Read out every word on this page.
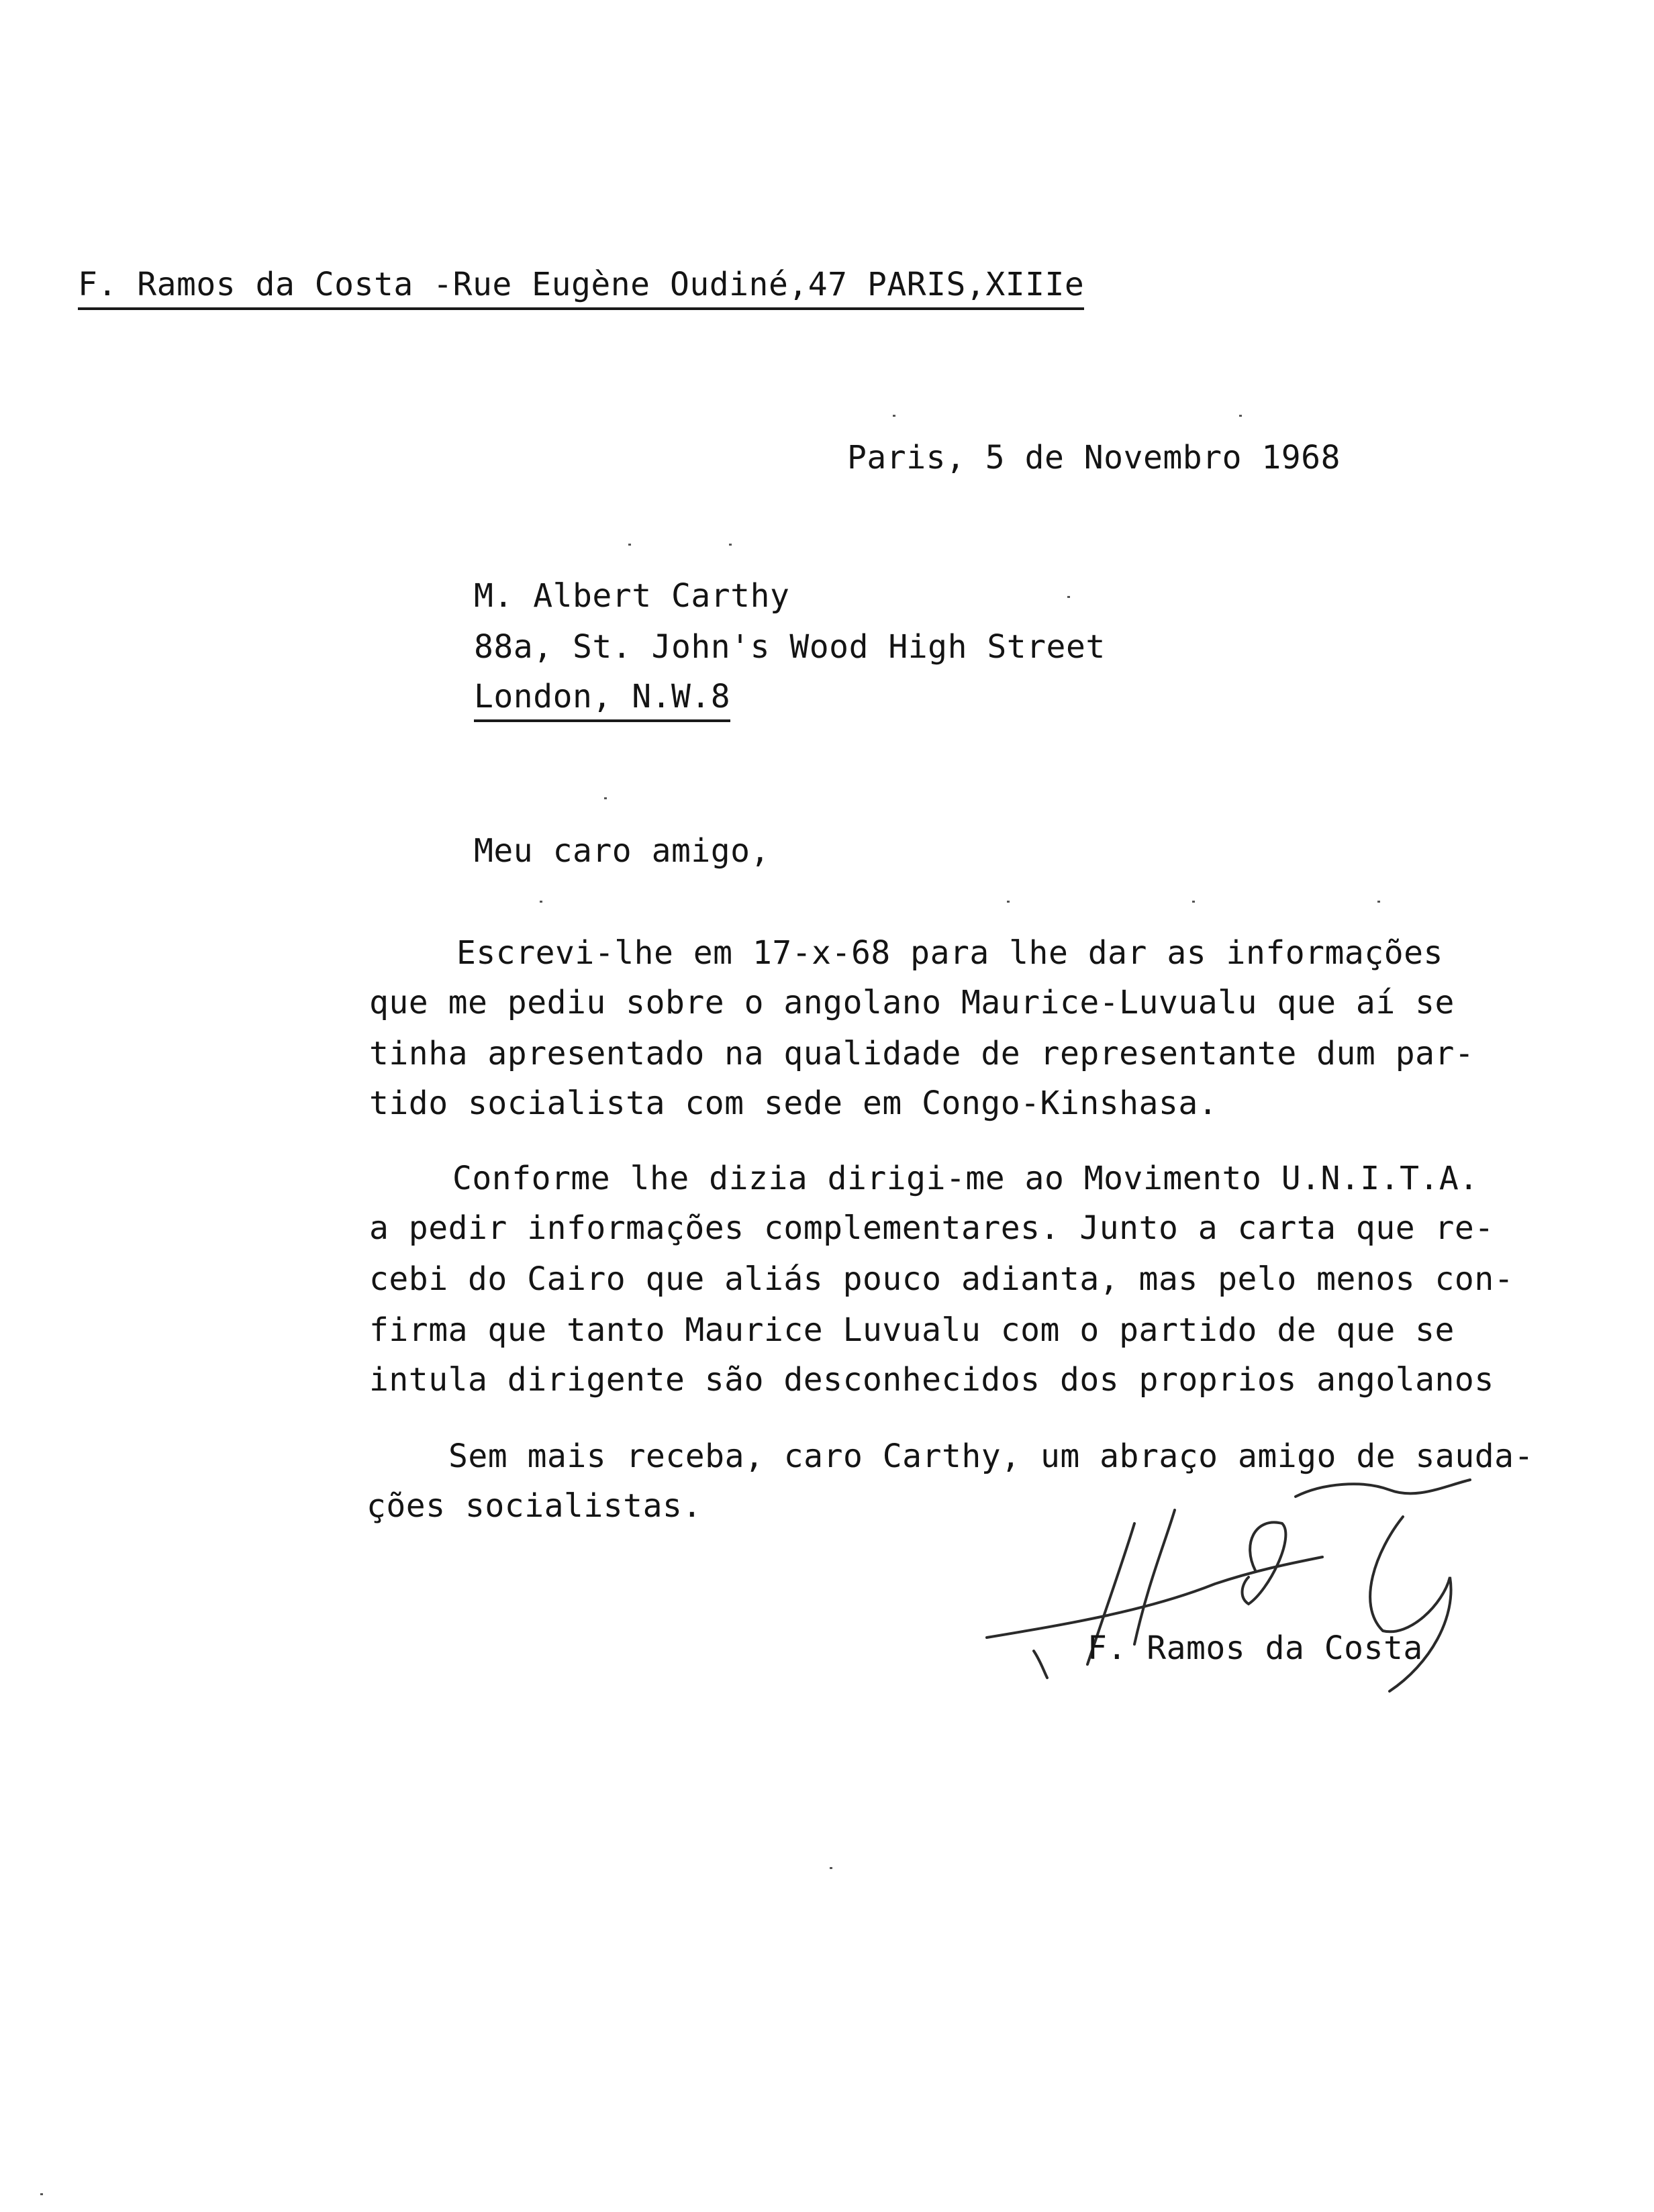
F. Ramos da Costa -Rue Eugène Oudiné,47 PARIS,XIIIe
Paris, 5 de Novembro 1968
M. Albert Carthy
88a, St. John's Wood High Street
London, N.W.8
Meu caro amigo,
Escrevi-lhe em 17-x-68 para lhe dar as informações
que me pediu sobre o angolano Maurice-Luvualu que aí se
tinha apresentado na qualidade de representante dum par-
tido socialista com sede em Congo-Kinshasa.
Conforme lhe dizia dirigi-me ao Movimento U.N.I.T.A.
a pedir informações complementares. Junto a carta que re-
cebi do Cairo que aliás pouco adianta, mas pelo menos con-
firma que tanto Maurice Luvualu com o partido de que se
intula dirigente são desconhecidos dos proprios angolanos
Sem mais receba, caro Carthy, um abraço amigo de sauda-
ções socialistas.
F. Ramos da Costa
